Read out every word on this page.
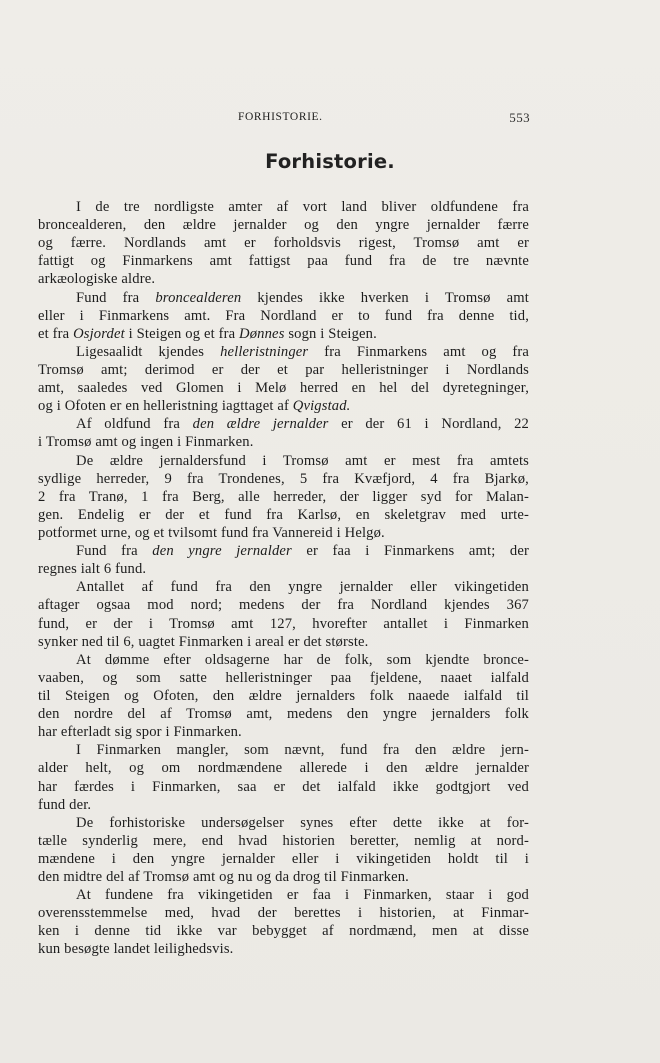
FORHISTORIE.	553
Forhistorie.
I de tre nordligste amter af vort land bliver oldfundene fra
broncealderen, den ældre jernalder og den yngre jernalder færre
og færre. Nordlands amt er forholdsvis rigest, Tromsø amt er
fattigt og Finmarkens amt fattigst paa fund fra de tre nævnte
arkæologiske aldre.
Fund fra broncealderen kjendes ikke hverken i Tromsø amt
eller i Finmarkens amt. Fra Nordland er to fund fra denne tid,
et fra Osjordet i Steigen og et fra Dønnes sogn i Steigen.
Ligesaalidt kjendes helleristninger fra Finmarkens amt og fra
Tromsø amt; derimod er der et par helleristninger i Nordlands
amt, saaledes ved Glomen i Melø herred en hel del dyretegninger,
og i Ofoten er en helleristning iagttaget af Qvigstad.
Af oldfund fra den ældre jernalder er der 61 i Nordland, 22
i Tromsø amt og ingen i Finmarken.
De ældre jernaldersfund i Tromsø amt er mest fra amtets
sydlige herreder, 9 fra Trondenes, 5 fra Kvæfjord, 4 fra Bjarkø,
2 fra Tranø, 1 fra Berg, alle herreder, der ligger syd for Malan-
gen. Endelig er der et fund fra Karlsø, en skeletgrav med urte-
potformet urne, og et tvilsomt fund fra Vannereid i Helgø.
Fund fra den yngre jernalder er faa i Finmarkens amt; der
regnes ialt 6 fund.
Antallet af fund fra den yngre jernalder eller vikingetiden
aftager ogsaa mod nord; medens der fra Nordland kjendes 367
fund, er der i Tromsø amt 127, hvorefter antallet i Finmarken
synker ned til 6, uagtet Finmarken i areal er det største.
At dømme efter oldsagerne har de folk, som kjendte bronce-
vaaben, og som satte helleristninger paa fjeldene, naaet ialfald
til Steigen og Ofoten, den ældre jernalders folk naaede ialfald til
den nordre del af Tromsø amt, medens den yngre jernalders folk
har efterladt sig spor i Finmarken.
I Finmarken mangler, som nævnt, fund fra den ældre jern-
alder helt, og om nordmændene allerede i den ældre jernalder
har færdes i Finmarken, saa er det ialfald ikke godtgjort ved
fund der.
De forhistoriske undersøgelser synes efter dette ikke at for-
tælle synderlig mere, end hvad historien beretter, nemlig at nord-
mændene i den yngre jernalder eller i vikingetiden holdt til i
den midtre del af Tromsø amt og nu og da drog til Finmarken.
At fundene fra vikingetiden er faa i Finmarken, staar i god
overensstemmelse med, hvad der berettes i historien, at Finmar-
ken i denne tid ikke var bebygget af nordmænd, men at disse
kun besøgte landet leilighedsvis.
